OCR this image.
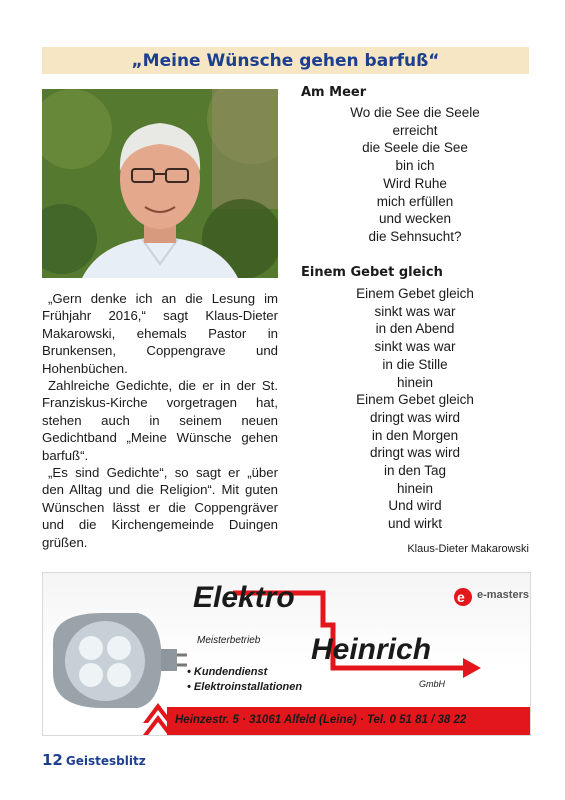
„Meine Wünsche gehen barfuß“

„Gern denke ich an die Lesung im Frühjahr 2016,“ sagt Klaus-Dieter Makarowski, ehemals Pastor in Brunkensen, Coppengrave und Hohenbüchen.

Zahlreiche Gedichte, die er in der St. Franziskus-Kirche vorgetragen hat, stehen auch in seinem neuen Gedichtband „Meine Wünsche gehen barfuß“.

„Es sind Gedichte“, so sagt er „über den Alltag und die Religion“. Mit guten Wünschen lässt er die Coppengräver und die Kirchengemeinde Duingen grüßen.

Am Meer
Wo die See die Seele
erreicht
die Seele die See
bin ich
Wird Ruhe
mich erfüllen
und wecken
die Sehnsucht?
Einem Gebet gleich
Einem Gebet gleich
sinkt was war
in den Abend
sinkt was war
in die Stille
hinein
Einem Gebet gleich
dringt was wird
in den Morgen
dringt was wird
in den Tag
hinein
Und wird
und wirkt
Klaus-Dieter Makarowski
e
Elektro
Heinrich
Meisterbetrieb
GmbH
• Kundendienst
• Elektroinstallationen
e-masters
Heinzestr. 5 · 31061 Alfeld (Leine) · Tel. 0 51 81 / 38 22
12 Geistesblitz
